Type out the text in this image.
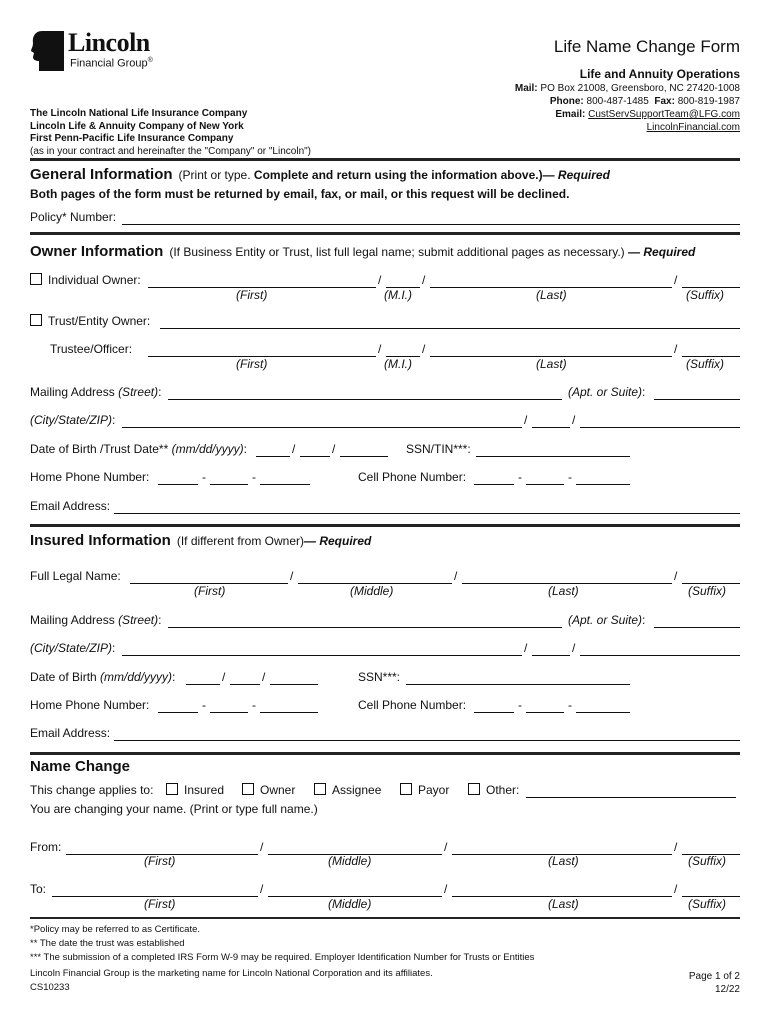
Lincoln
Financial Group®
Life Name Change Form
Life and Annuity Operations
Mail: PO Box 21008, Greensboro, NC 27420-1008
Phone: 800-487-1485 Fax: 800-819-1987
Email: CustServSupportTeam@LFG.com
LincolnFinancial.com
The Lincoln National Life Insurance Company
Lincoln Life & Annuity Company of New York
First Penn-Pacific Life Insurance Company
(as in your contract and hereinafter the "Company" or "Lincoln")
General Information (Print or type. Complete and return using the information above.)— Required
Both pages of the form must be returned by email, fax, or mail, or this request will be declined.
Policy* Number:
Owner Information (If Business Entity or Trust, list full legal name; submit additional pages as necessary.) — Required
Individual Owner:	/	/	/
(First)	(M.I.)	(Last)	(Suffix)
Trust/Entity Owner:
Trustee/Officer:	/	/	/
(First)	(M.I.)	(Last)	(Suffix)
Mailing Address (Street):	(Apt. or Suite):
(City/State/ZIP):	/	/
Date of Birth /Trust Date** (mm/dd/yyyy):	/	/	SSN/TIN***:
Home Phone Number:	-	-	Cell Phone Number:	-	-
Email Address:
Insured Information (If different from Owner)— Required
Full Legal Name:	/	/	/
(First)	(Middle)	(Last)	(Suffix)
Mailing Address (Street):	(Apt. or Suite):
(City/State/ZIP):	/	/
Date of Birth (mm/dd/yyyy):	/	/	SSN***:
Home Phone Number:	-	-	Cell Phone Number:	-	-
Email Address:
Name Change
This change applies to:	Insured	Owner	Assignee	Payor	Other:
You are changing your name. (Print or type full name.)
From:	/	/	/
(First)	(Middle)	(Last)	(Suffix)
To:	/	/	/
(First)	(Middle)	(Last)	(Suffix)
*Policy may be referred to as Certificate.
** The date the trust was established
*** The submission of a completed IRS Form W-9 may be required. Employer Identification Number for Trusts or Entities
Lincoln Financial Group is the marketing name for Lincoln National Corporation and its affiliates.
CS10233
Page 1 of 2
12/22
